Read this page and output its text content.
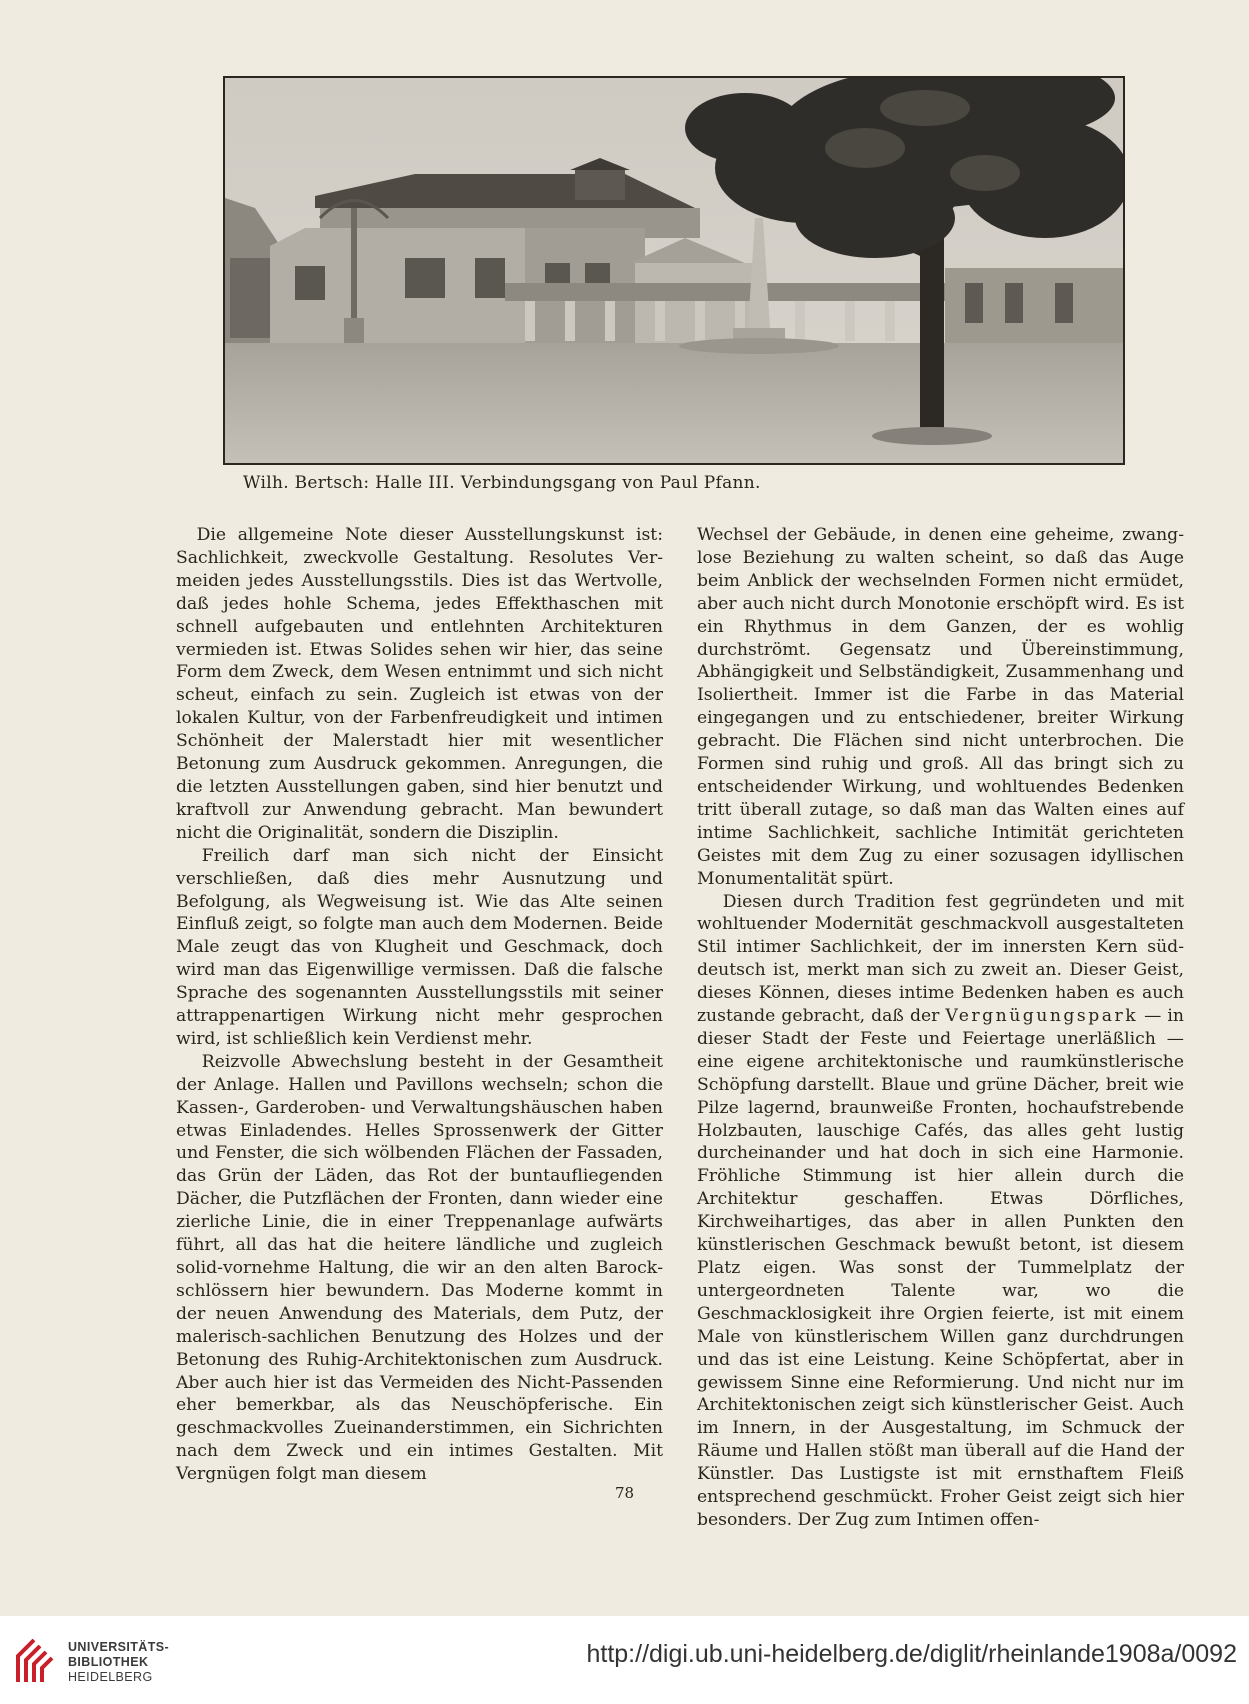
Wilh. Bertsch: Halle III. Verbindungsgang von Paul Pfann.

Die allgemeine Note dieser Ausstellungskunst ist: Sachlichkeit, zweckvolle Gestaltung. Resolutes Vermeiden jedes Ausstellungsstils. Dies ist das Wertvolle, daß jedes hohle Schema, jedes Effekthaschen mit schnell aufgebauten und entlehnten Architekturen vermieden ist. Etwas Solides sehen wir hier, das seine Form dem Zweck, dem Wesen entnimmt und sich nicht scheut, einfach zu sein. Zugleich ist etwas von der lokalen Kultur, von der Farbenfreudigkeit und intimen Schönheit der Malerstadt hier mit wesentlicher Betonung zum Ausdruck gekommen. Anregungen, die die letzten Ausstellungen gaben, sind hier benutzt und kraftvoll zur Anwendung gebracht. Man bewundert nicht die Originalität, sondern die Disziplin.

Freilich darf man sich nicht der Einsicht verschließen, daß dies mehr Ausnutzung und Befolgung, als Wegweisung ist. Wie das Alte seinen Einfluß zeigt, so folgte man auch dem Modernen. Beide Male zeugt das von Klugheit und Geschmack, doch wird man das Eigenwillige vermissen. Daß die falsche Sprache des sogenannten Ausstellungsstils mit seiner attrappenartigen Wirkung nicht mehr gesprochen wird, ist schließlich kein Verdienst mehr.

Reizvolle Abwechslung besteht in der Gesamtheit der Anlage. Hallen und Pavillons wechseln; schon die Kassen-, Garderoben- und Verwaltungshäuschen haben etwas Einladendes. Helles Sprossenwerk der Gitter und Fenster, die sich wölbenden Flächen der Fassaden, das Grün der Läden, das Rot der buntaufliegenden Dächer, die Putzflächen der Fronten, dann wieder eine zierliche Linie, die in einer Treppenanlage aufwärts führt, all das hat die heitere ländliche und zugleich solid-vornehme Haltung, die wir an den alten Barockschlössern hier bewundern. Das Moderne kommt in der neuen Anwendung des Materials, dem Putz, der malerisch-sachlichen Benutzung des Holzes und der Betonung des Ruhig-Architektonischen zum Ausdruck. Aber auch hier ist das Vermeiden des Nicht-Passenden eher bemerkbar, als das Neuschöpferische. Ein geschmackvolles Zueinanderstimmen, ein Sichrichten nach dem Zweck und ein intimes Gestalten. Mit Vergnügen folgt man diesem

Wechsel der Gebäude, in denen eine geheime, zwanglose Beziehung zu walten scheint, so daß das Auge beim Anblick der wechselnden Formen nicht ermüdet, aber auch nicht durch Monotonie erschöpft wird. Es ist ein Rhythmus in dem Ganzen, der es wohlig durchströmt. Gegensatz und Übereinstimmung, Abhängigkeit und Selbständigkeit, Zusammenhang und Isoliertheit. Immer ist die Farbe in das Material eingegangen und zu entschiedener, breiter Wirkung gebracht. Die Flächen sind nicht unterbrochen. Die Formen sind ruhig und groß. All das bringt sich zu entscheidender Wirkung, und wohltuendes Bedenken tritt überall zutage, so daß man das Walten eines auf intime Sachlichkeit, sachliche Intimität gerichteten Geistes mit dem Zug zu einer sozusagen idyllischen Monumentalität spürt.

Diesen durch Tradition fest gegründeten und mit wohltuender Modernität geschmackvoll ausgestalteten Stil intimer Sachlichkeit, der im innersten Kern süddeutsch ist, merkt man sich zu zweit an. Dieser Geist, dieses Können, dieses intime Bedenken haben es auch zustande gebracht, daß der Vergnügungspark — in dieser Stadt der Feste und Feiertage unerläßlich — eine eigene architektonische und raumkünstlerische Schöpfung darstellt. Blaue und grüne Dächer, breit wie Pilze lagernd, braunweiße Fronten, hochaufstrebende Holzbauten, lauschige Cafés, das alles geht lustig durcheinander und hat doch in sich eine Harmonie. Fröhliche Stimmung ist hier allein durch die Architektur geschaffen. Etwas Dörfliches, Kirchweihartiges, das aber in allen Punkten den künstlerischen Geschmack bewußt betont, ist diesem Platz eigen. Was sonst der Tummelplatz der untergeordneten Talente war, wo die Geschmacklosigkeit ihre Orgien feierte, ist mit einem Male von künstlerischem Willen ganz durchdrungen und das ist eine Leistung. Keine Schöpfertat, aber in gewissem Sinne eine Reformierung. Und nicht nur im Architektonischen zeigt sich künstlerischer Geist. Auch im Innern, in der Ausgestaltung, im Schmuck der Räume und Hallen stößt man überall auf die Hand der Künstler. Das Lustigste ist mit ernsthaftem Fleiß entsprechend geschmückt. Froher Geist zeigt sich hier besonders. Der Zug zum Intimen offen-

78
UNIVERSITÄTS-
BIBLIOTHEK
HEIDELBERG
http://digi.ub.uni-heidelberg.de/diglit/rheinlande1908a/0092
